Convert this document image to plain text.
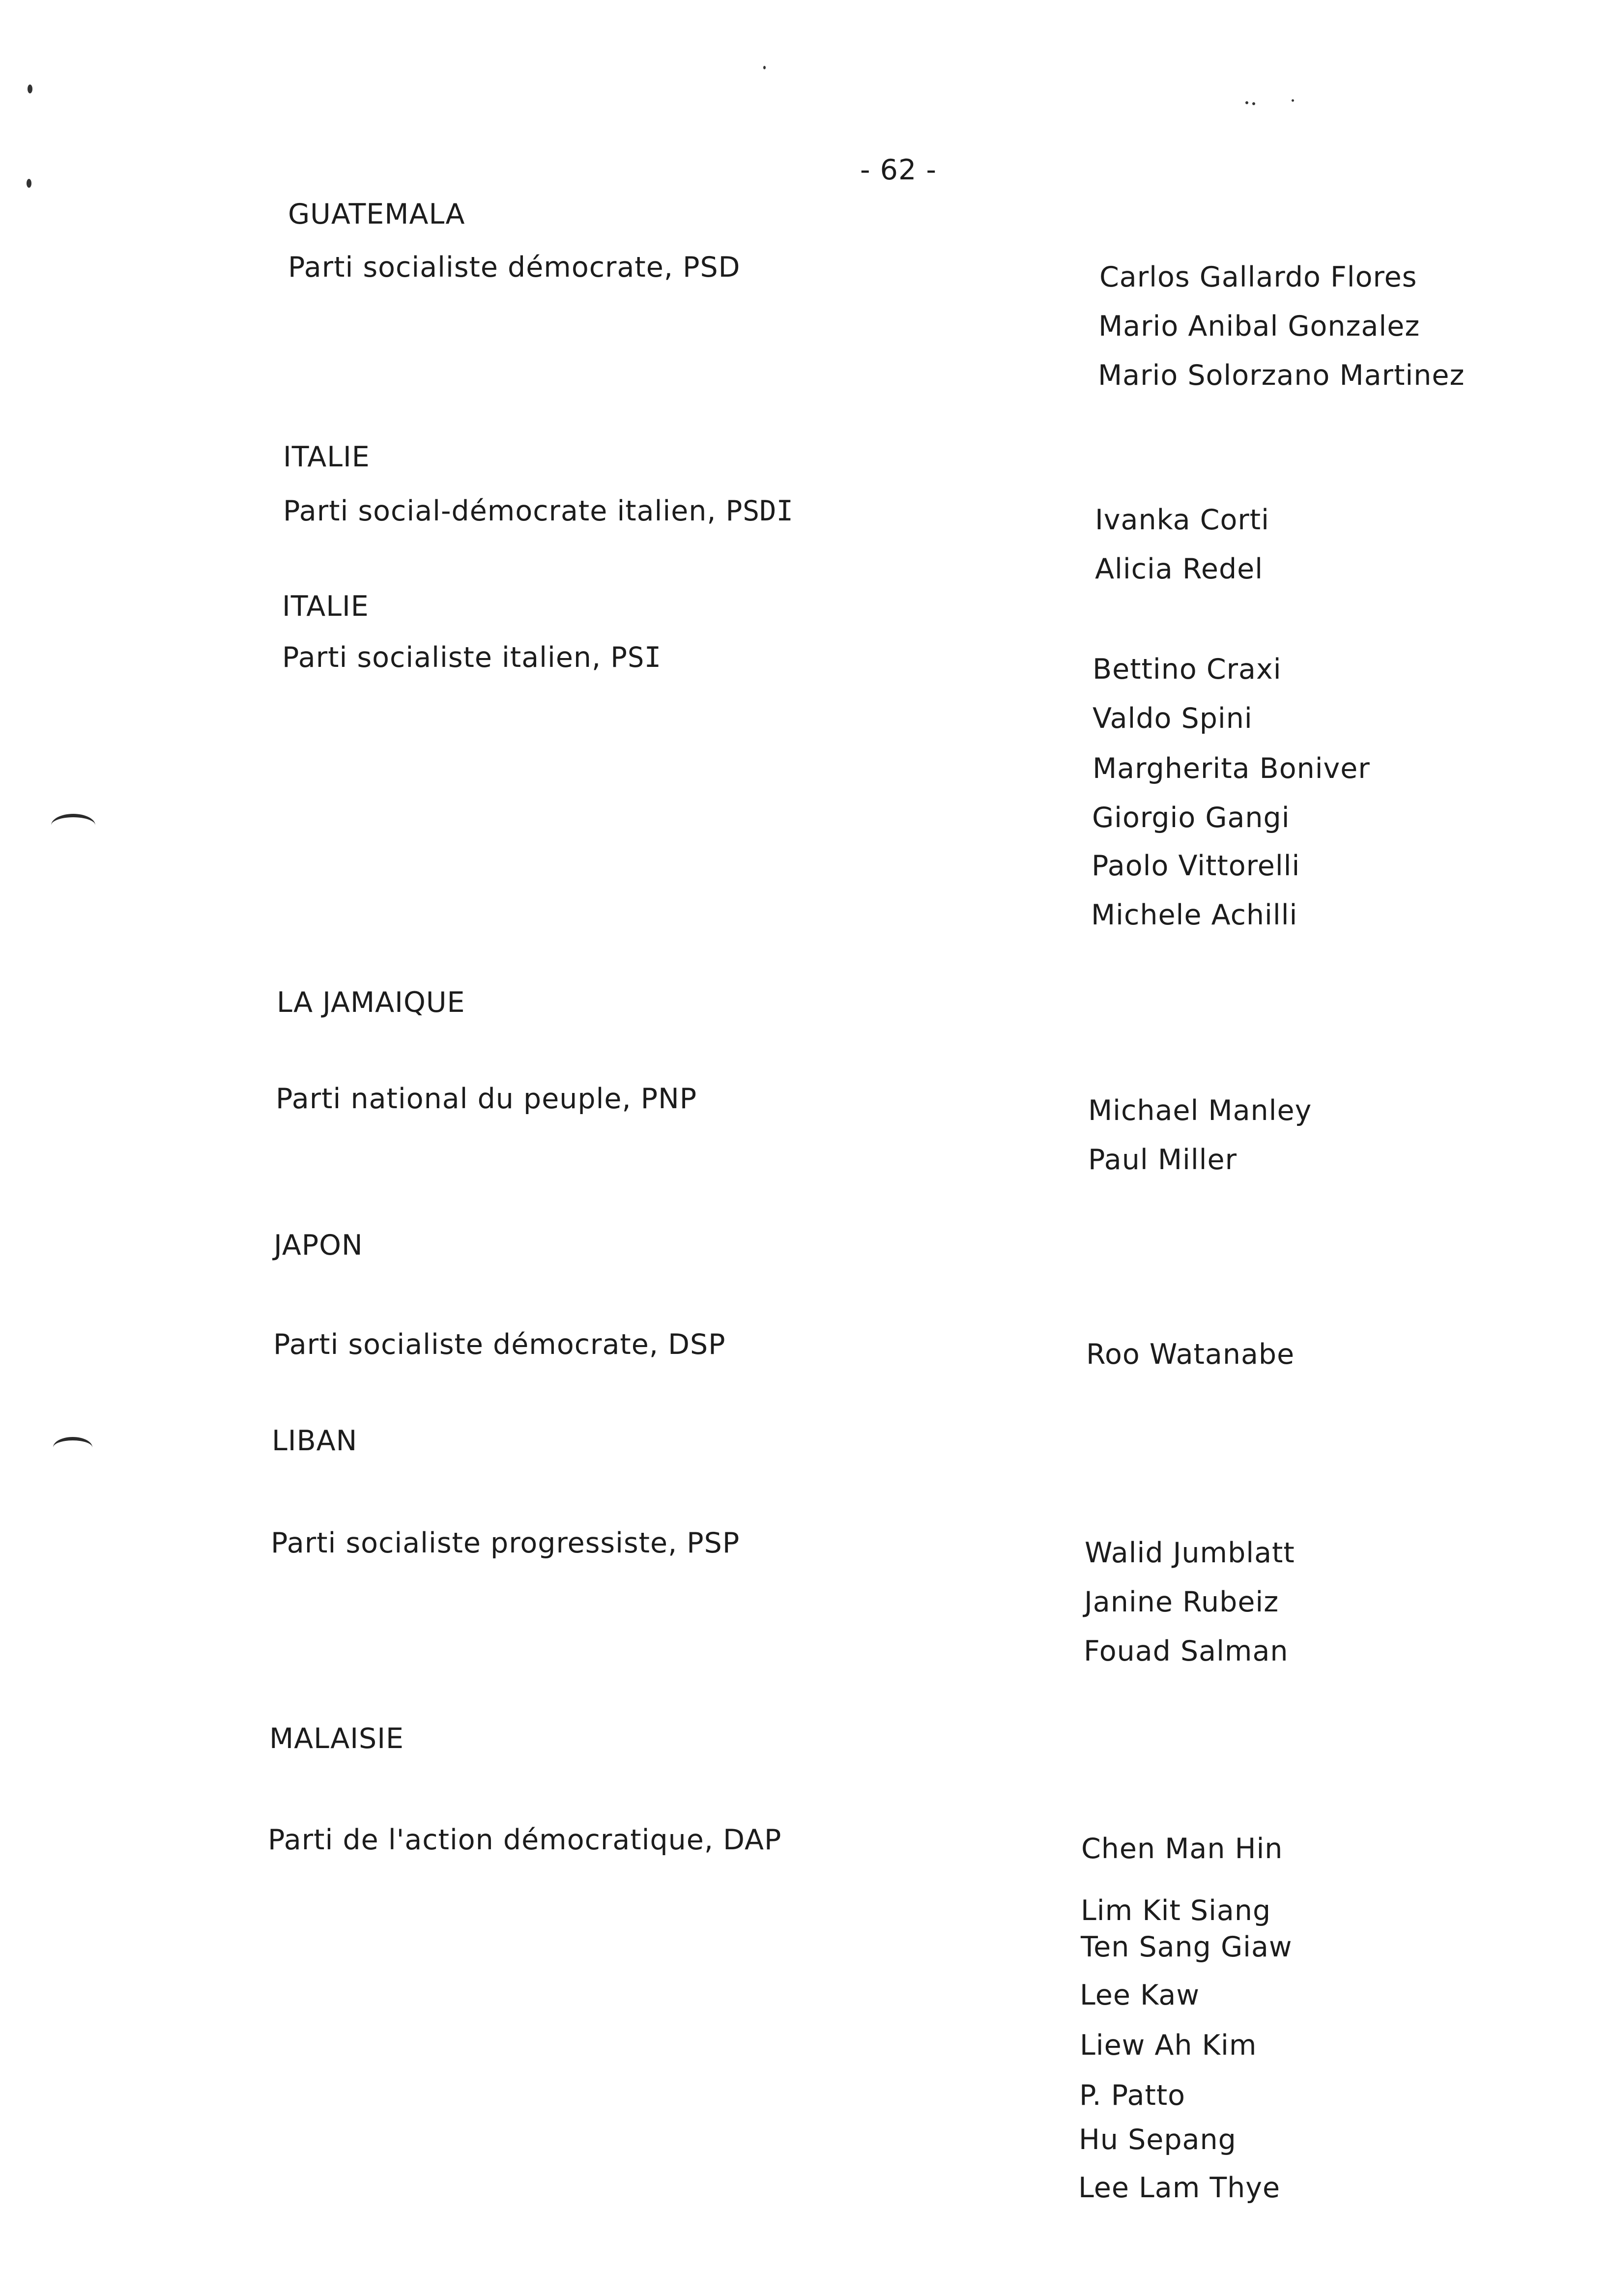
- 62 -

GUATEMALA

Parti socialiste démocrate, PSD	Carlos Gallardo Flores

Mario Anibal Gonzalez

Mario Solorzano Martinez

ITALIE

Parti social-démocrate italien, PSDI	Ivanka Corti

Alicia Redel

ITALIE

Parti socialiste italien, PSI	Bettino Craxi

Valdo Spini

Margherita Boniver

Giorgio Gangi

Paolo Vittorelli

Michele Achilli

LA JAMAIQUE

Parti national du peuple, PNP	Michael Manley

Paul Miller

JAPON

Parti socialiste démocrate, DSP	Roo Watanabe

LIBAN

Parti socialiste progressiste, PSP	Walid Jumblatt

Janine Rubeiz

Fouad Salman

MALAISIE

Parti de l'action démocratique, DAP	Chen Man Hin

Lim Kit Siang

Ten Sang Giaw

Lee Kaw

Liew Ah Kim

P. Patto

Hu Sepang

Lee Lam Thye
